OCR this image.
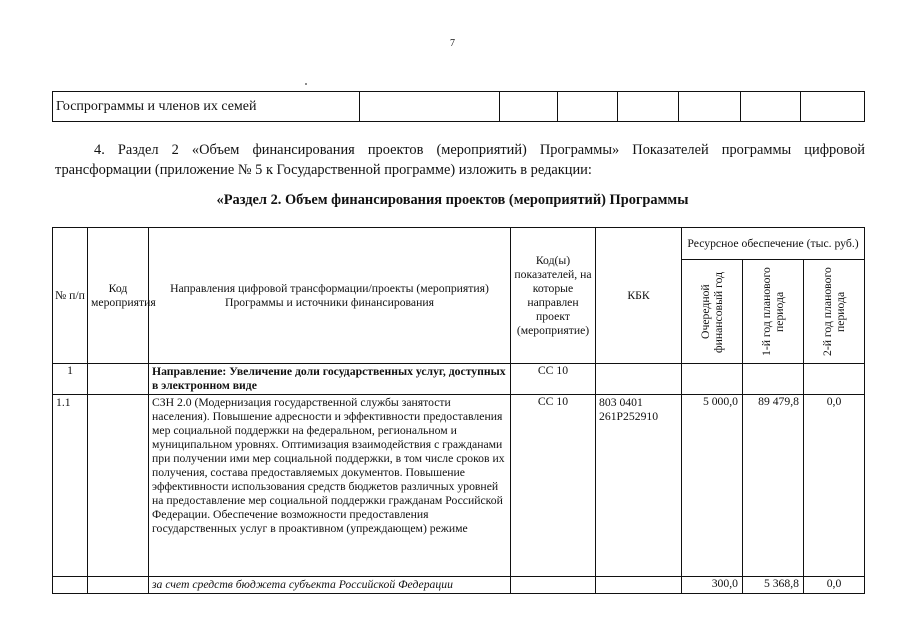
7
Госпрограммы и членов их семей							
4. Раздел 2 «Объем финансирования проектов (мероприятий) Программы» Показателей программы цифровой трансформации (приложение № 5 к Государственной программе) изложить в редакции:
«Раздел 2. Объем финансирования проектов (мероприятий) Программы
№ п/п	Код мероприятия	Направления цифровой трансформации/проекты (мероприятия) Программы и источники финансирования	Код(ы) показателей, на которые направлен проект (мероприятие)	КБК	Ресурсное обеспечение (тыс. руб.)		

					Очередной финансовый год	1-й год планового периода	2-й год планового периода

1		Направление: Увеличение доли государственных услуг, доступных в электронном виде	СС 10				
1.1		СЗН 2.0 (Модернизация государственной службы занятости населения). Повышение адресности и эффективности предоставления мер социальной поддержки на федеральном, региональном и муниципальном уровнях. Оптимизация взаимодействия с гражданами при получении ими мер социальной поддержки, в том числе сроков их получения, состава предоставляемых документов. Повышение эффективности использования средств бюджетов различных уровней на предоставление мер социальной поддержки гражданам Российской Федерации. Обеспечение возможности предоставления государственных услуг в проактивном (упреждающем) режиме	СС 10	803 0401 261Р252910	5 000,0	89 479,8	0,0
		за счет средств бюджета субъекта Российской Федерации			300,0	5 368,8	0,0
